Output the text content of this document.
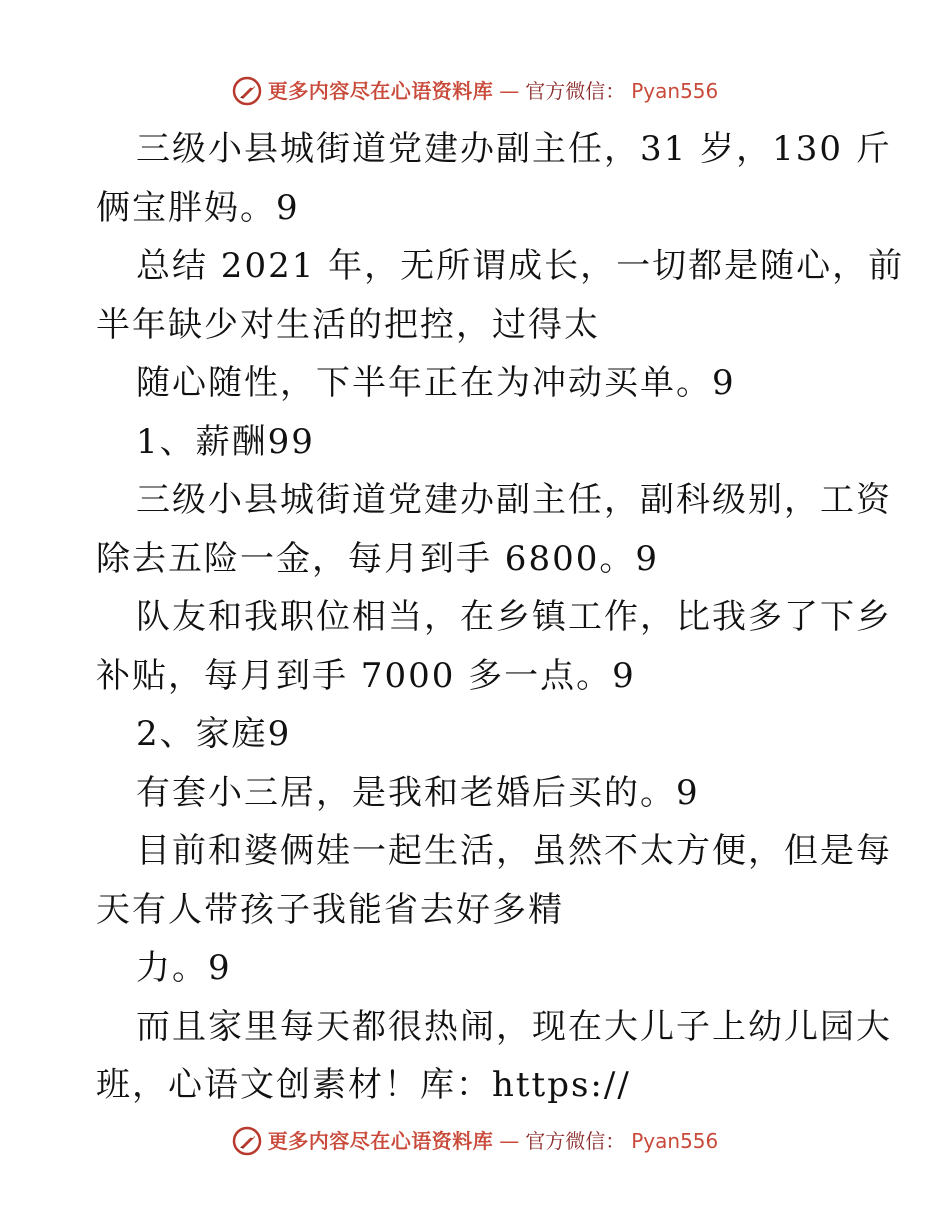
更多内容尽在心语资料库 — 官方微信： Pyan556
三级小县城街道党建办副主任，31 岁，130 斤
俩宝胖妈。9
总结 2021 年，无所谓成长，一切都是随心，前
半年缺少对生活的把控，过得太
随心随性，下半年正在为冲动买单。9
1、薪酬99
三级小县城街道党建办副主任，副科级别，工资
除去五险一金，每月到手 6800。9
队友和我职位相当，在乡镇工作，比我多了下乡
补贴，每月到手 7000 多一点。9
2、家庭9
有套小三居，是我和老婚后买的。9
目前和婆俩娃一起生活，虽然不太方便，但是每
天有人带孩子我能省去好多精
力。9
而且家里每天都很热闹，现在大儿子上幼儿园大
班，心语文创素材！库：https://
更多内容尽在心语资料库 — 官方微信： Pyan556
